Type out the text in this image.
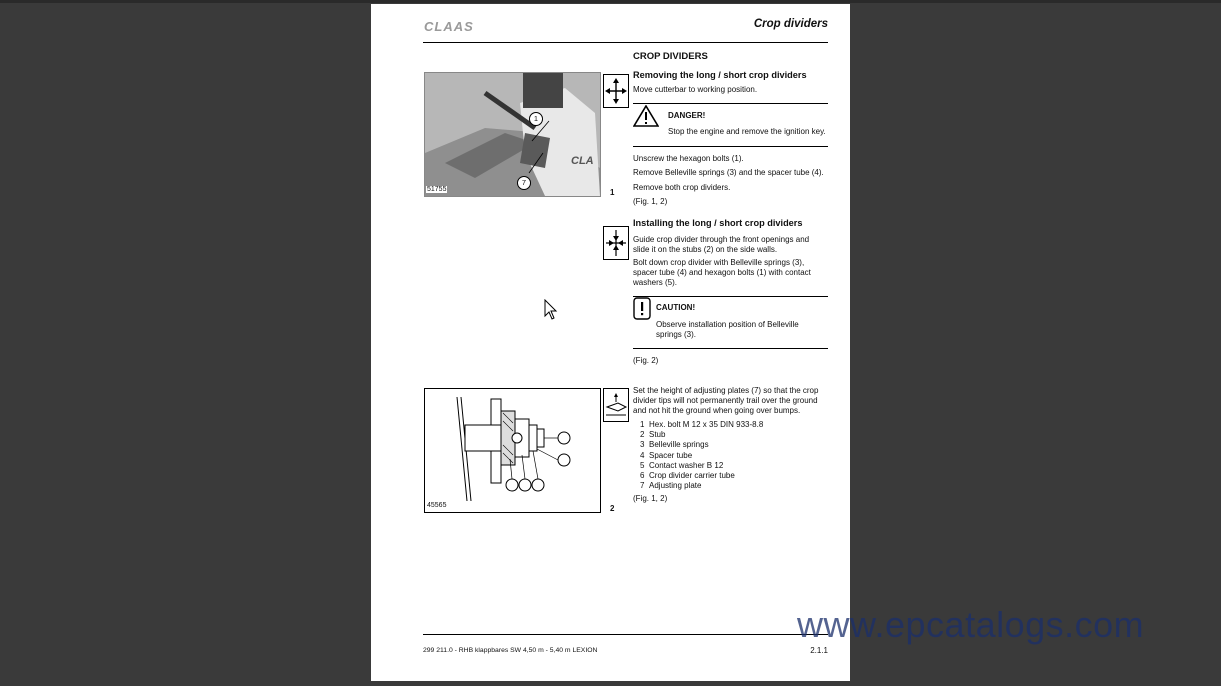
CLAAS	Crop dividers
CROP DIVIDERS
1
7
CLA
51755	1
Removing the long / short crop dividers
Move cutterbar to working position.
DANGER!
Stop the engine and remove the ignition key.
Unscrew the hexagon bolts (1).
Remove Belleville springs (3) and the spacer tube (4).
Remove both crop dividers.
(Fig. 1, 2)
Installing the long / short crop dividers
Guide crop divider through the front openings and slide it on the stubs (2) on the side walls.
Bolt down crop divider with Belleville springs (3), spacer tube (4) and hexagon bolts (1) with contact washers (5).
CAUTION!
Observe installation position of Belleville springs (3).
(Fig. 2)
Set the height of adjusting plates (7) so that the crop divider tips will not permanently trail over the ground and not hit the ground when going over bumps.
1 Hex. bolt M 12 x 35 DIN 933-8.8
2 Stub
3 Belleville springs
4 Spacer tube
5 Contact washer B 12
6 Crop divider carrier tube
7 Adjusting plate
(Fig. 1, 2)
45565	2
299 211.0 - RHB klappbares SW 4,50 m - 5,40 m LEXION	2.1.1
www.epcatalogs.com
